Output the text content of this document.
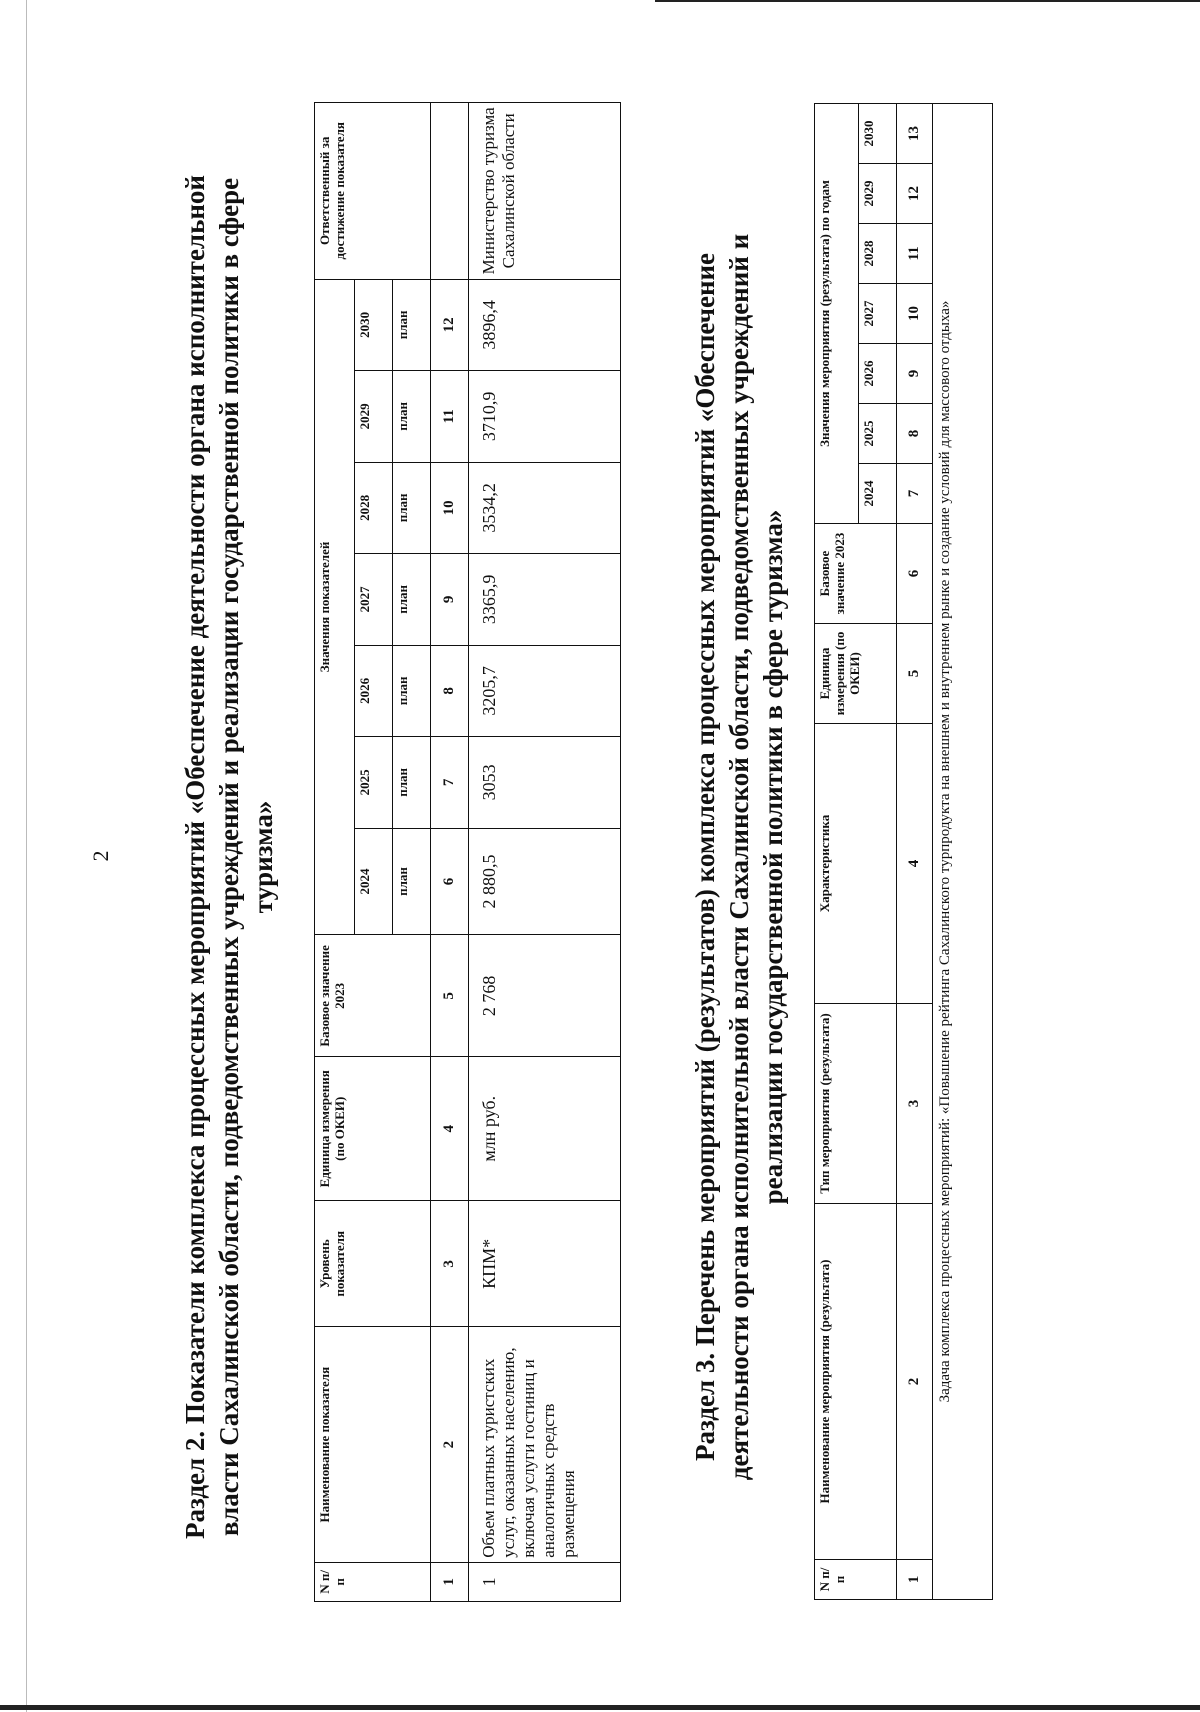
2 Раздел 2. Показатели комплекса процессных мероприятий «Обеспечение деятельности органа исполнительной власти Сахалинской области, подведомственных учреждений и реализации государственной политики в сфере туризма»
N п/п	Наименование показателя	Уровень показателя	Единица измерения (по ОКЕИ)	Базовое значение 2023	Значения показателей							Ответственный за достижение показателя
					2024	2025	2026	2027	2028	2029	2030	
					план	план	план	план	план	план	план	
1	2	3	4	5	6	7	8	9	10	11	12	
1	Объем платных туристских услуг, оказанных населению, включая услуги гостиниц и аналогичных средств размещения	КПМ*	млн руб.	2 768	2 880,5	3053	3205,7	3365,9	3534,2	3710,9	3896,4	Министерство туризма Сахалинской области
Раздел 3. Перечень мероприятий (результатов) комплекса процессных мероприятий «Обеспечение деятельности органа исполнительной власти Сахалинской области, подведомственных учреждений и реализации государственной политики в сфере туризма»
N п/п	Наименование мероприятия (результата)	Тип мероприятия (результата)	Характеристика	Единица измерения (по ОКЕИ)	Базовое значение 2023	Значения мероприятия (результата) по годам						
						2024	2025	2026	2027	2028	2029	2030
1	2	3	4	5	6	7	8	9	10	11	12	13
Задача комплекса процессных мероприятий: «Повышение рейтинга Сахалинского турпродукта на внешнем и внутреннем рынке и создание условий для массового отдыха»												
